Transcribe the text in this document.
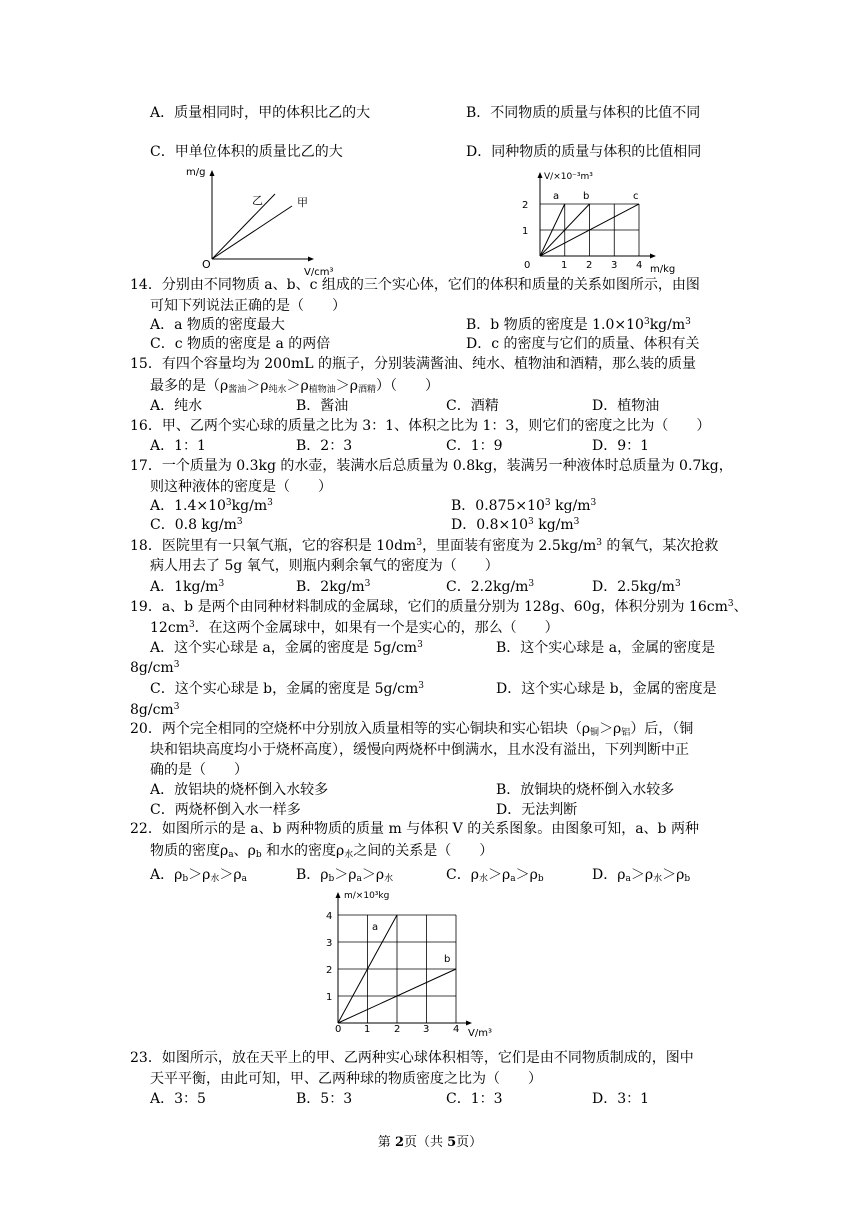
A．质量相同时，甲的体积比乙的大	B．不同物质的质量与体积的比值不同
C．甲单位体积的质量比乙的大	D．同种物质的质量与体积的比值相同
m/g
V/cm³
O
乙	甲
V/×10⁻³m³
m/kg
2
1
0	1 2 3 4
a b	c
14．分别由不同物质 a、b、c 组成的三个实心体，它们的体积和质量的关系如图所示，由图
可知下列说法正确的是（　　）
A．a 物质的密度最大	B．b 物质的密度是 $1.0\times 10^3kg/m^3$
C．c 物质的密度是 a 的两倍	D．c 的密度与它们的质量、体积有关
15．有四个容量均为 200mL 的瓶子，分别装满酱油、纯水、植物油和酒精，那么装的质量
最多的是$(\rho_{酱油}>\rho_{纯水}>\rho_{植物油}>\rho_{酒精})$（　　）
A．纯水	B．酱油	C．酒精	D．植物油
16．甲、乙两个实心球的质量之比为 3：1、体积之比为 1：3，则它们的密度之比为（　　）
A．1：1	B．2：3	C．1：9	D．9：1
17．一个质量为 0.3kg 的水壶，装满水后总质量为 0.8kg，装满另一种液体时总质量为 0.7kg，
则这种液体的密度是（　　）
A．$1.4\times 10^3kg/m^3$	B．$0.875\times 10^3$ $kg/m^3$
C．0.8 $kg/m^3$	D．$0.8\times 10^3$ $kg/m^3$
18．医院里有一只氧气瓶，它的容积是 $10dm^3$，里面装有密度为 $2.5kg/m^3$ 的氧气，某次抢救
病人用去了 5g 氧气，则瓶内剩余氧气的密度为（　　）
A．$1kg/m^3$	B．$2kg/m^3$	C．$2.2kg/m^3$	D．$2.5kg/m^3$
19．a、b 是两个由同种材料制成的金属球，它们的质量分别为 128g、60g，体积分别为 $16cm^3$、
$12cm^3$．在这两个金属球中，如果有一个是实心的，那么（　　）
A．这个实心球是 a，金属的密度是 $5g/cm^3$	B．这个实心球是 a，金属的密度是
$8g/cm^3$
C．这个实心球是 b，金属的密度是 $5g/cm^3$	D．这个实心球是 b，金属的密度是
$8g/cm^3$
20．两个完全相同的空烧杯中分别放入质量相等的实心铜块和实心铝块$(\rho_铜>\rho_铝)$后，（铜
块和铝块高度均小于烧杯高度），缓慢向两烧杯中倒满水，且水没有溢出，下列判断中正
确的是（　　）
A．放铝块的烧杯倒入水较多	B．放铜块的烧杯倒入水较多
C．两烧杯倒入水一样多	D．无法判断
22．如图所示的是 a、b 两种物质的质量 m 与体积 V 的关系图象。由图象可知，a、b 两种
物质的密度$\rho_a$、$\rho_b$ 和水的密度$\rho_水$之间的关系是（　　）
A．$\rho_b>\rho_水>\rho_a$	B．$\rho_b>\rho_a>\rho_水$	C．$\rho_水>\rho_a>\rho_b$	D．$\rho_a>\rho_水>\rho_b$
m/×10³kg
V/m³
4
3
2
1
0 1 2 3 4
a
b
23．如图所示，放在天平上的甲、乙两种实心球体积相等，它们是由不同物质制成的，图中
天平平衡，由此可知，甲、乙两种球的物质密度之比为（　　）
A．3：5	B．5：3	C．1：3	D．3：1
第 2页（共 5页）
